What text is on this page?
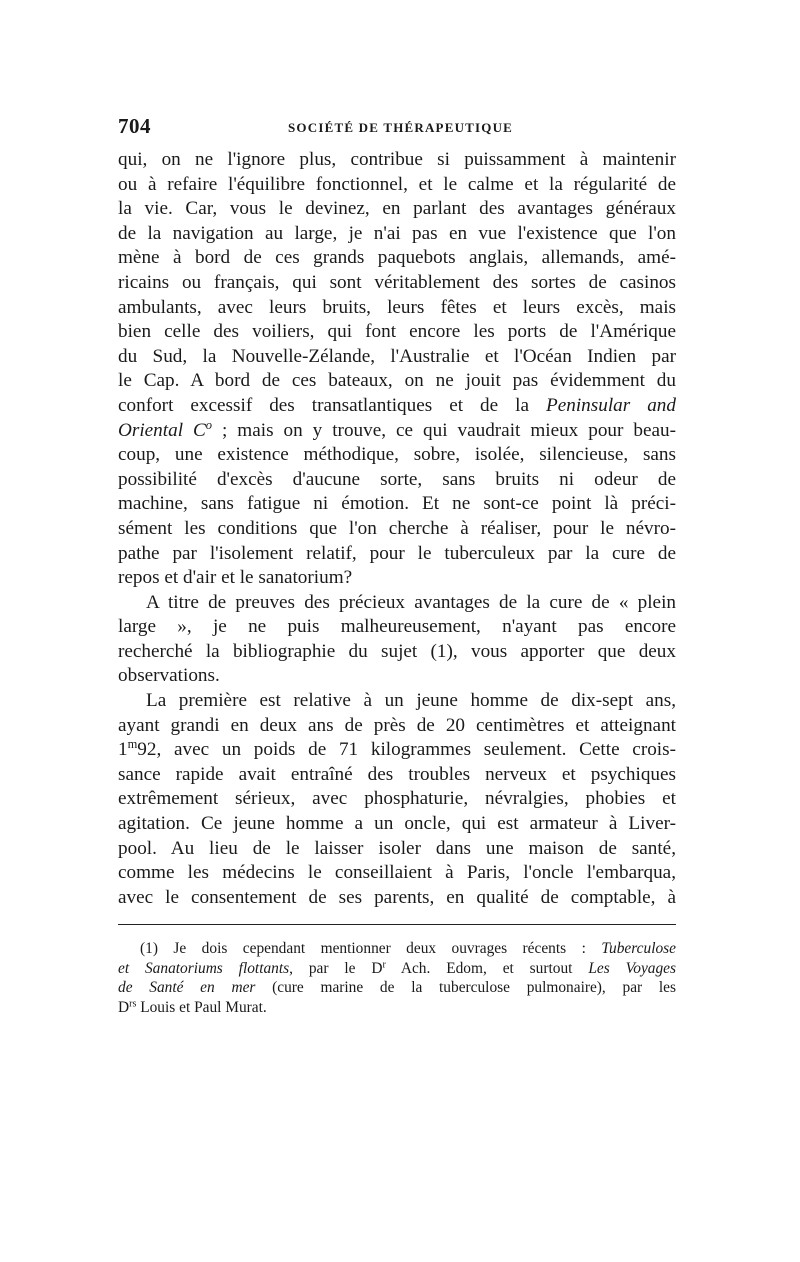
704	SOCIÉTÉ DE THÉRAPEUTIQUE
qui, on ne l'ignore plus, contribue si puissamment à maintenir
ou à refaire l'équilibre fonctionnel, et le calme et la régularité de
la vie. Car, vous le devinez, en parlant des avantages généraux
de la navigation au large, je n'ai pas en vue l'existence que l'on
mène à bord de ces grands paquebots anglais, allemands, amé-
ricains ou français, qui sont véritablement des sortes de casinos
ambulants, avec leurs bruits, leurs fêtes et leurs excès, mais
bien celle des voiliers, qui font encore les ports de l'Amérique
du Sud, la Nouvelle-Zélande, l'Australie et l'Océan Indien par
le Cap. A bord de ces bateaux, on ne jouit pas évidemment du
confort excessif des transatlantiques et de la Peninsular and
Oriental $C^o$ ; mais on y trouve, ce qui vaudrait mieux pour beau-
coup, une existence méthodique, sobre, isolée, silencieuse, sans
possibilité d'excès d'aucune sorte, sans bruits ni odeur de
machine, sans fatigue ni émotion. Et ne sont-ce point là préci-
sément les conditions que l'on cherche à réaliser, pour le névro-
pathe par l'isolement relatif, pour le tuberculeux par la cure de
repos et d'air et le sanatorium?
A titre de preuves des précieux avantages de la cure de « plein
large », je ne puis malheureusement, n'ayant pas encore
recherché la bibliographie du sujet (1), vous apporter que deux
observations.
La première est relative à un jeune homme de dix-sept ans,
ayant grandi en deux ans de près de 20 centimètres et atteignant
1$^m$92, avec un poids de 71 kilogrammes seulement. Cette crois-
sance rapide avait entraîné des troubles nerveux et psychiques
extrêmement sérieux, avec phosphaturie, névralgies, phobies et
agitation. Ce jeune homme a un oncle, qui est armateur à Liver-
pool. Au lieu de le laisser isoler dans une maison de santé,
comme les médecins le conseillaient à Paris, l'oncle l'embarqua,
avec le consentement de ses parents, en qualité de comptable, à
(1) Je dois cependant mentionner deux ouvrages récents : Tuberculose
et Sanatoriums flottants, par le $D^r$ Ach. Edom, et surtout Les Voyages
de Santé en mer (cure marine de la tuberculose pulmonaire), par les
$D^{rs}$ Louis et Paul Murat.
